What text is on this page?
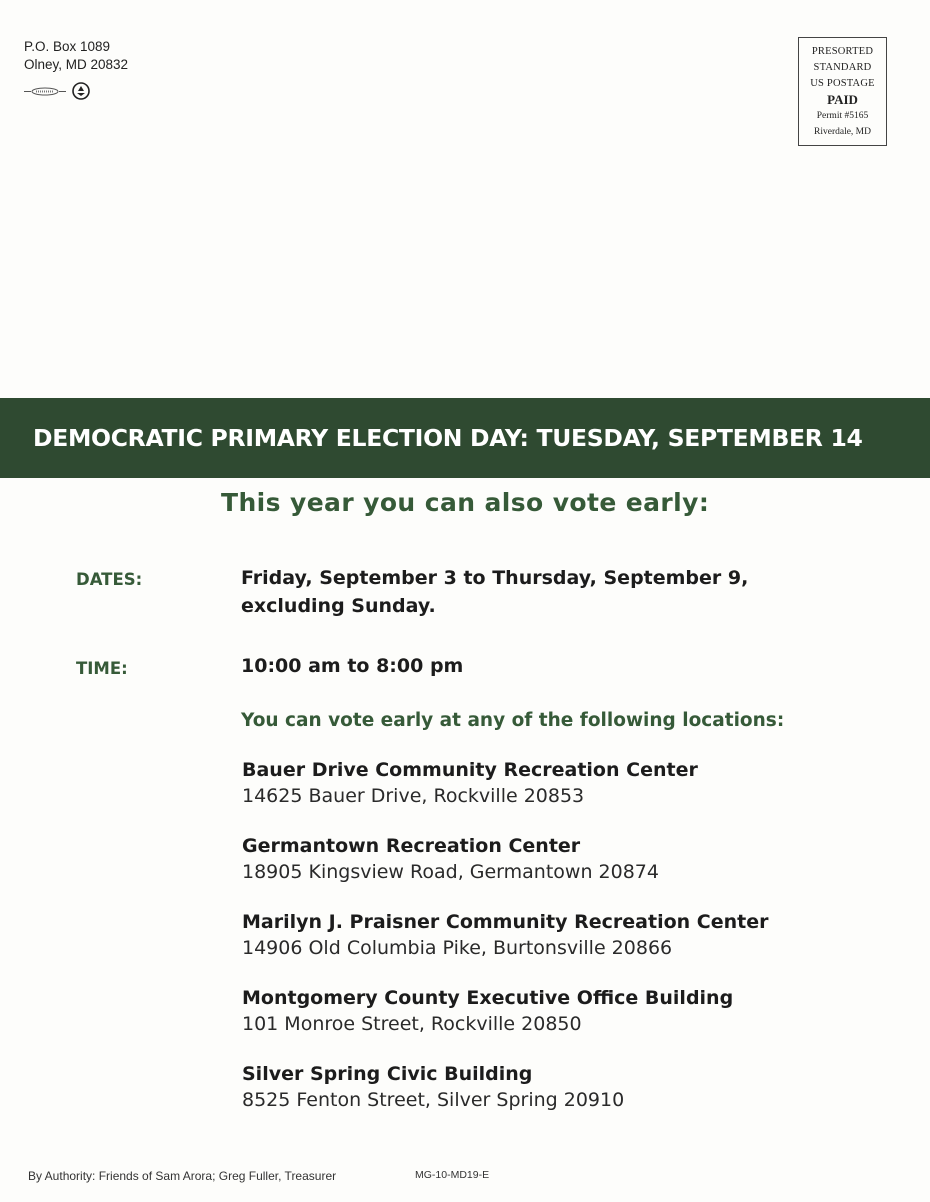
P.O. Box 1089
Olney, MD 20832
PRESORTED
STANDARD
US POSTAGE
PAID
Permit #5165
Riverdale, MD
DEMOCRATIC PRIMARY ELECTION DAY: TUESDAY, SEPTEMBER 14
This year you can also vote early:
DATES:	Friday, September 3 to Thursday, September 9,
excluding Sunday.
TIME:	10:00 am to 8:00 pm
You can vote early at any of the following locations:
Bauer Drive Community Recreation Center
14625 Bauer Drive, Rockville 20853
Germantown Recreation Center
18905 Kingsview Road, Germantown 20874
Marilyn J. Praisner Community Recreation Center
14906 Old Columbia Pike, Burtonsville 20866
Montgomery County Executive Office Building
101 Monroe Street, Rockville 20850
Silver Spring Civic Building
8525 Fenton Street, Silver Spring 20910
By Authority: Friends of Sam Arora; Greg Fuller, Treasurer	MG-10-MD19-E
